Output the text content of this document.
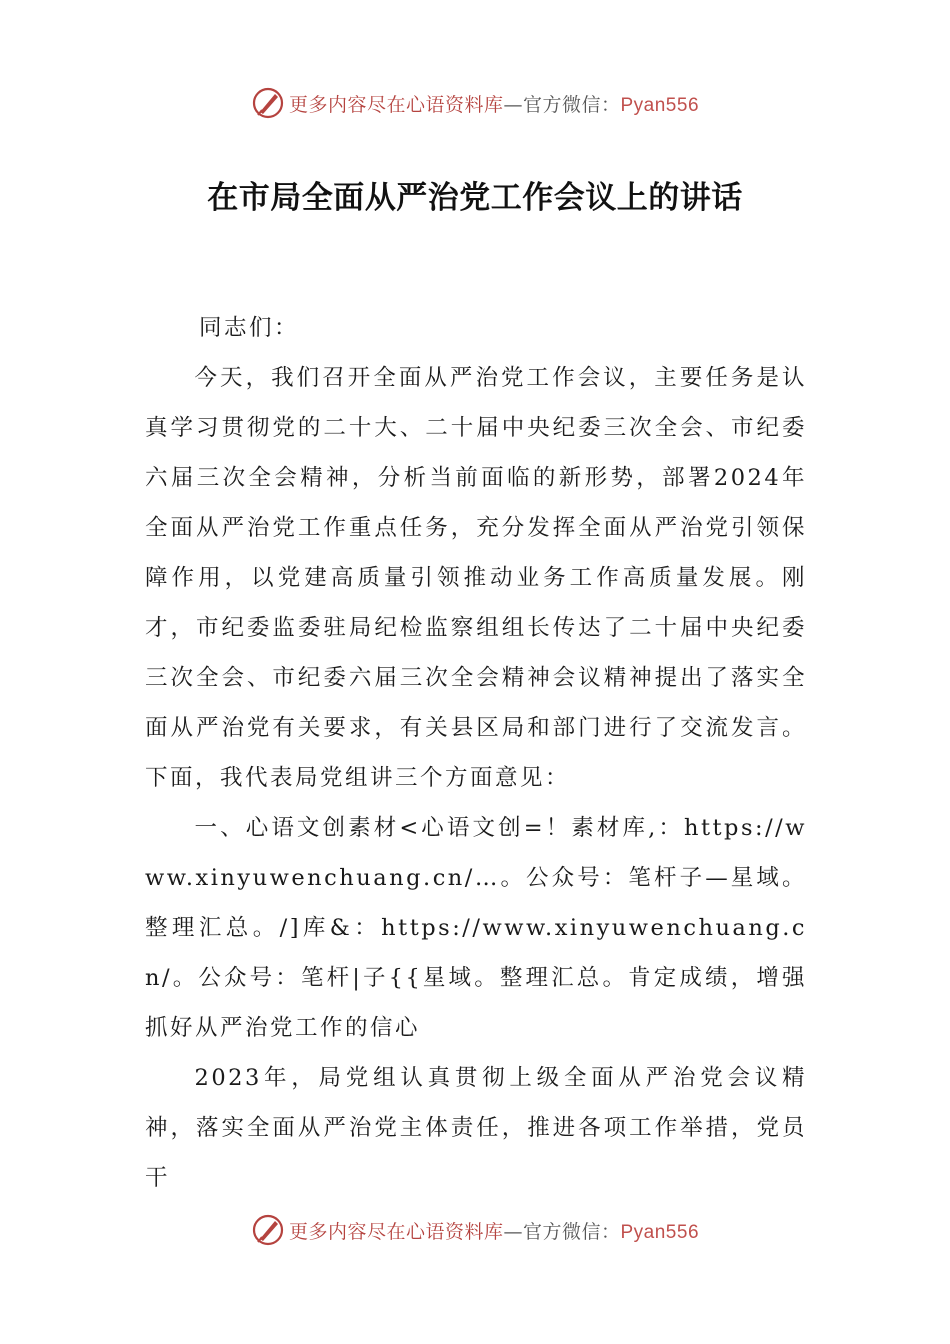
更多内容尽在心语资料库—官方微信：Pyan556
在市局全面从严治党工作会议上的讲话

同志们：

今天，我们召开全面从严治党工作会议，主要任务是认真学习贯彻党的二十大、二十届中央纪委三次全会、市纪委六届三次全会精神，分析当前面临的新形势，部署2024年全面从严治党工作重点任务，充分发挥全面从严治党引领保障作用，以党建高质量引领推动业务工作高质量发展。刚才，市纪委监委驻局纪检监察组组长传达了二十届中央纪委三次全会、市纪委六届三次全会精神会议精神提出了落实全面从严治党有关要求，有关县区局和部门进行了交流发言。下面，我代表局党组讲三个方面意见：

一、心语文创素材<心语文创=！素材库,：https://www.xinyuwenchuang.cn/…。公众号：笔杆子—星域。整理汇总。/]库&：https://www.xinyuwenchuang.cn/。公众号：笔杆|子{{星域。整理汇总。肯定成绩，增强抓好从严治党工作的信心

2023年，局党组认真贯彻上级全面从严治党会议精神，落实全面从严治党主体责任，推进各项工作举措，党员干

更多内容尽在心语资料库—官方微信：Pyan556
